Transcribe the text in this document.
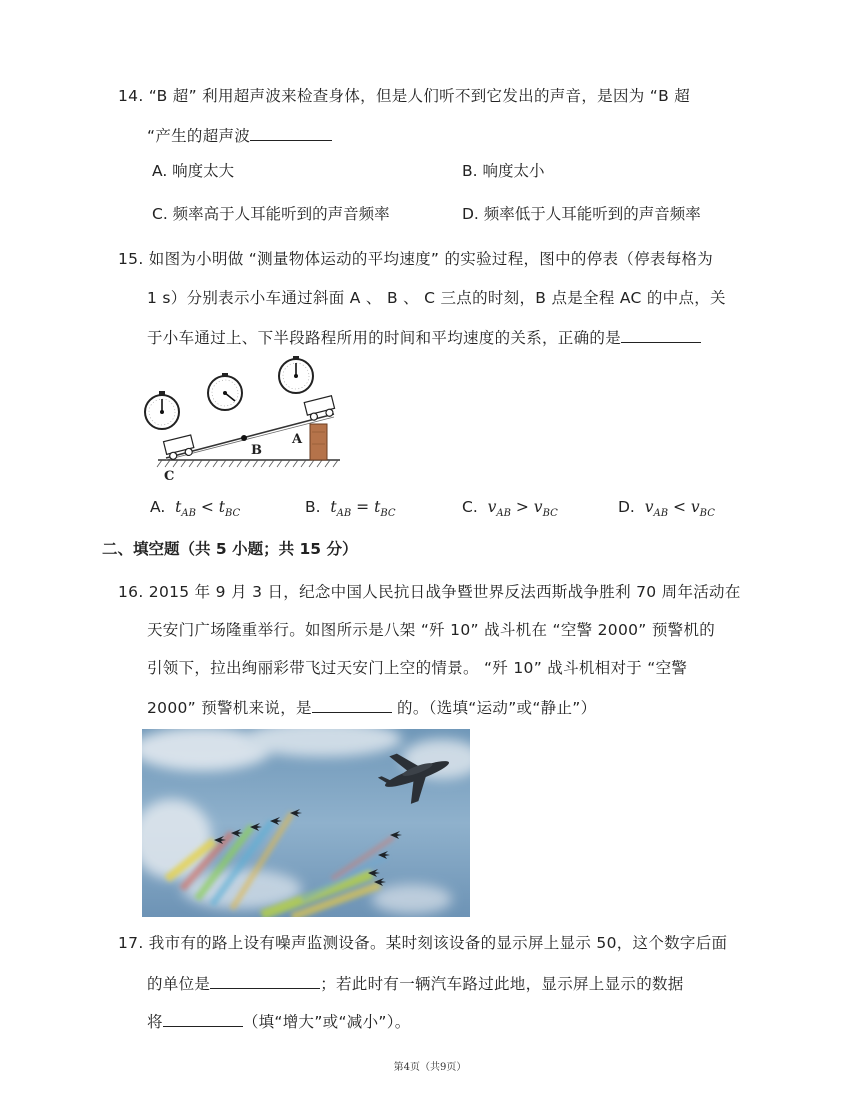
14. “B 超” 利用超声波来检查身体，但是人们听不到它发出的声音，是因为 “B 超
“产生的超声波
A. 响度太大	B. 响度太小
C. 频率高于人耳能听到的声音频率	D. 频率低于人耳能听到的声音频率
15. 如图为小明做 “测量物体运动的平均速度” 的实验过程，图中的停表（停表每格为
1 s）分别表示小车通过斜面 A 、 B 、 C 三点的时刻，B 点是全程 AC 的中点，关
于小车通过上、下半段路程所用的时间和平均速度的关系，正确的是
B
A
C
A.  $t_{AB} < t_{BC}$	B.  $t_{AB} = t_{BC}$	C.  $v_{AB} > v_{BC}$	D.  $v_{AB} < v_{BC}$
二、填空题（共 5 小题；共 15 分）
16. 2015 年 9 月 3 日，纪念中国人民抗日战争暨世界反法西斯战争胜利 70 周年活动在
天安门广场隆重举行。如图所示是八架 “歼 10” 战斗机在 “空警 2000” 预警机的
引领下，拉出绚丽彩带飞过天安门上空的情景。 “歼 10” 战斗机相对于 “空警
2000” 预警机来说，是	的。（选填“运动”或“静止”）
17. 我市有的路上设有噪声监测设备。某时刻该设备的显示屏上显示 50，这个数字后面
的单位是	；若此时有一辆汽车路过此地，显示屏上显示的数据
将	（填“增大”或“减小”）。
第4页（共9页）
